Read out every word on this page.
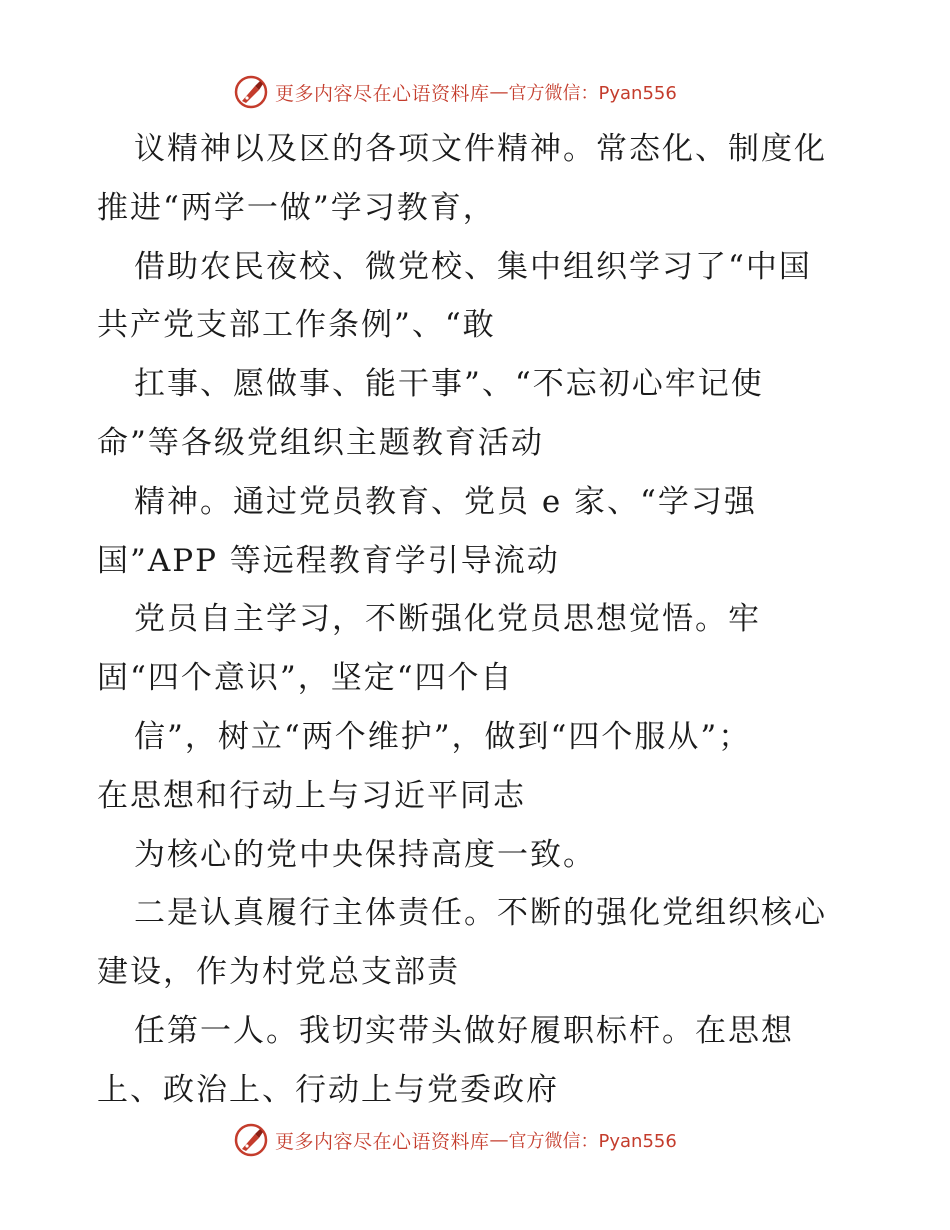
更多内容尽在心语资料库 — 官方微信：Pyan556
议精神以及区的各项文件精神。常态化、制度化
推进“两学一做”学习教育，
借助农民夜校、微党校、集中组织学习了“中国
共产党支部工作条例”、“敢
扛事、愿做事、能干事”、“不忘初心牢记使
命”等各级党组织主题教育活动
精神。通过党员教育、党员 e 家、“学习强
国”APP 等远程教育学引导流动
党员自主学习，不断强化党员思想觉悟。牢
固“四个意识”，坚定“四个自
信”，树立“两个维护”，做到“四个服从”；
在思想和行动上与习近平同志
为核心的党中央保持高度一致。
二是认真履行主体责任。不断的强化党组织核心
建设，作为村党总支部责
任第一人。我切实带头做好履职标杆。在思想
上、政治上、行动上与党委政府
更多内容尽在心语资料库 — 官方微信：Pyan556
